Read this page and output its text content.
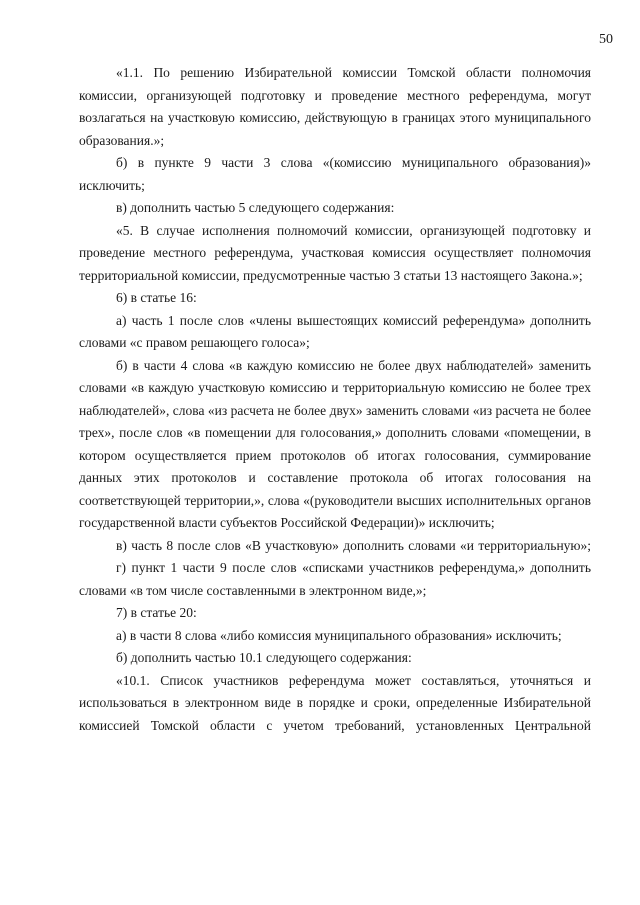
50

«1.1. По решению Избирательной комиссии Томской области полномочия комиссии, организующей подготовку и проведение местного референдума, могут возлагаться на участковую комиссию, действующую в границах этого муниципального образования.»;

б) в пункте 9 части 3 слова «(комиссию муниципального образования)» исключить;

в) дополнить частью 5 следующего содержания:

«5. В случае исполнения полномочий комиссии, организующей подготовку и проведение местного референдума, участковая комиссия осуществляет полномочия территориальной комиссии, предусмотренные частью 3 статьи 13 настоящего Закона.»;

6) в статье 16:

а) часть 1 после слов «члены вышестоящих комиссий референдума» дополнить словами «с правом решающего голоса»;

б) в части 4 слова «в каждую комиссию не более двух наблюдателей» заменить словами «в каждую участковую комиссию и территориальную комиссию не более трех наблюдателей», слова «из расчета не более двух» заменить словами «из расчета не более трех», после слов «в помещении для голосования,» дополнить словами «помещении, в котором осуществляется прием протоколов об итогах голосования, суммирование данных этих протоколов и составление протокола об итогах голосования на соответствующей территории,», слова «(руководители высших исполнительных органов государственной власти субъектов Российской Федерации)» исключить;

в) часть 8 после слов «В участковую» дополнить словами «и территориальную»;

г) пункт 1 части 9 после слов «списками участников референдума,» дополнить словами «в том числе составленными в электронном виде,»;

7) в статье 20:

а) в части 8 слова «либо комиссия муниципального образования» исключить;

б) дополнить частью 10.1 следующего содержания:

«10.1. Список участников референдума может составляться, уточняться и использоваться в электронном виде в порядке и сроки, определенные Избирательной комиссией Томской области с учетом требований, установленных Центральной
